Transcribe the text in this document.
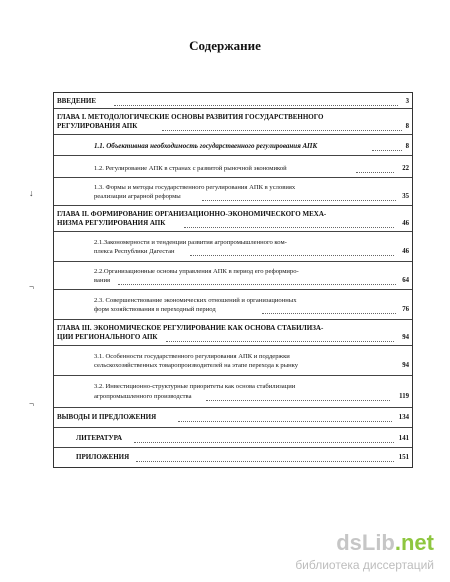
Содержание
ВВЕДЕНИЕ	3
ГЛАВА I. МЕТОДОЛОГИЧЕСКИЕ ОСНОВЫ РАЗВИТИЯ ГОСУДАРСТВЕННОГО
РЕГУЛИРОВАНИЯ АПК	8
1.1. Объективная необходимость государственного регулирования АПК	8
1.2. Регулирование АПК в странах с развитой рыночной экономикой	22
1.3. Формы и методы государственного регулирования АПК в условиях
реализации аграрной реформы	35
ГЛАВА II. ФОРМИРОВАНИЕ ОРГАНИЗАЦИОННО-ЭКОНОМИЧЕСКОГО МЕХА-
НИЗМА РЕГУЛИРОВАНИЯ АПК	46
2.1.Закономерности и тенденции развития агропромышленного ком-
плекса Республики Дагестан	46
2.2.Организационные основы управления АПК в период его реформиро-
вания	64
2.3. Совершенствование экономических отношений и организационных
форм хозяйствования в переходный период	76
ГЛАВА III. ЭКОНОМИЧЕСКОЕ РЕГУЛИРОВАНИЕ КАК ОСНОВА СТАБИЛИЗА-
ЦИИ РЕГИОНАЛЬНОГО АПК	94
3.1. Особенности государственного регулирования АПК и поддержки
сельскохозяйственных товаропроизводителей на этапе перехода к рынку	94
3.2. Инвестиционно-структурные приоритеты как основа стабилизации
агропромышленного производства	119
ВЫВОДЫ И ПРЕДЛОЖЕНИЯ	134
ЛИТЕРАТУРА	141
ПРИЛОЖЕНИЯ	151
↓
¬
¬
dsLib.net
библиотека диссертаций
